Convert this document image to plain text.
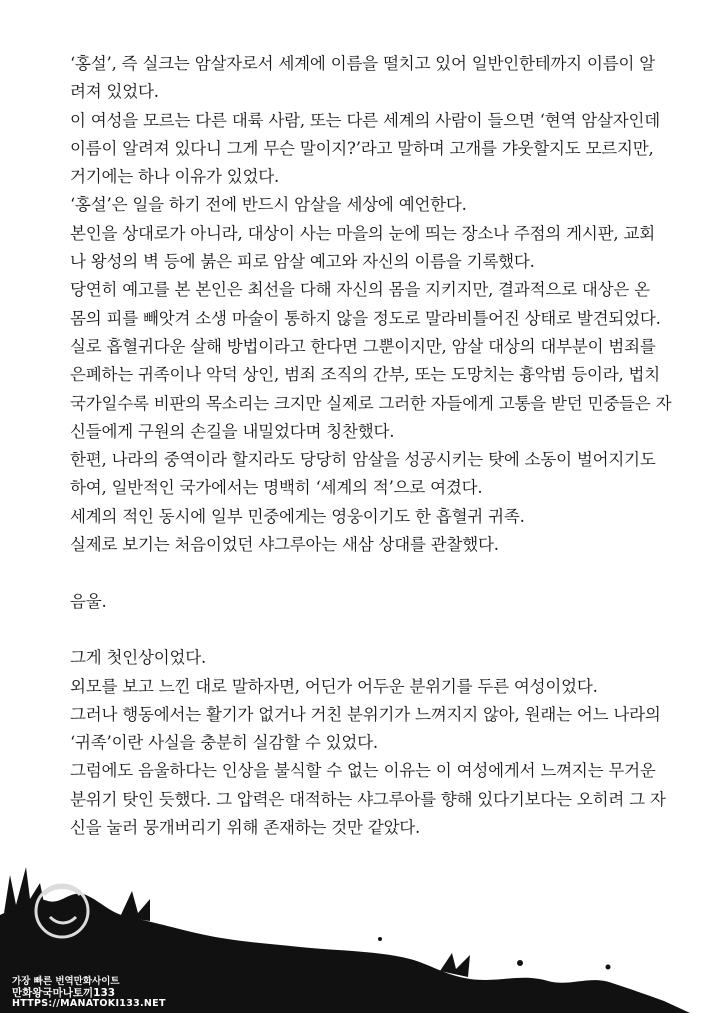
‘홍설’, 즉 실크는 암살자로서 세계에 이름을 떨치고 있어 일반인한테까지 이름이 알
려져 있었다.
이 여성을 모르는 다른 대륙 사람, 또는 다른 세계의 사람이 들으면 ‘현역 암살자인데
이름이 알려져 있다니 그게 무슨 말이지?’라고 말하며 고개를 갸웃할지도 모르지만,
거기에는 하나 이유가 있었다.
‘홍설’은 일을 하기 전에 반드시 암살을 세상에 예언한다.
본인을 상대로가 아니라, 대상이 사는 마을의 눈에 띄는 장소나 주점의 게시판, 교회
나 왕성의 벽 등에 붉은 피로 암살 예고와 자신의 이름을 기록했다.
당연히 예고를 본 본인은 최선을 다해 자신의 몸을 지키지만, 결과적으로 대상은 온
몸의 피를 빼앗겨 소생 마술이 통하지 않을 정도로 말라비틀어진 상태로 발견되었다.
실로 흡혈귀다운 살해 방법이라고 한다면 그뿐이지만, 암살 대상의 대부분이 범죄를
은폐하는 귀족이나 악덕 상인, 범죄 조직의 간부, 또는 도망치는 흉악범 등이라, 법치
국가일수록 비판의 목소리는 크지만 실제로 그러한 자들에게 고통을 받던 민중들은 자
신들에게 구원의 손길을 내밀었다며 칭찬했다.
한편, 나라의 중역이라 할지라도 당당히 암살을 성공시키는 탓에 소동이 벌어지기도
하여, 일반적인 국가에서는 명백히 ‘세계의 적’으로 여겼다.
세계의 적인 동시에 일부 민중에게는 영웅이기도 한 흡혈귀 귀족.
실제로 보기는 처음이었던 샤그루아는 새삼 상대를 관찰했다.
음울.
그게 첫인상이었다.
외모를 보고 느낀 대로 말하자면, 어딘가 어두운 분위기를 두른 여성이었다.
그러나 행동에서는 활기가 없거나 거친 분위기가 느껴지지 않아, 원래는 어느 나라의
‘귀족’이란 사실을 충분히 실감할 수 있었다.
그럼에도 음울하다는 인상을 불식할 수 없는 이유는 이 여성에게서 느껴지는 무거운
분위기 탓인 듯했다. 그 압력은 대적하는 샤그루아를 향해 있다기보다는 오히려 그 자
신을 눌러 뭉개버리기 위해 존재하는 것만 같았다.
가장 빠른 번역만화사이트
만화왕국마나토끼133
HTTPS://MANATOKI133.NET
